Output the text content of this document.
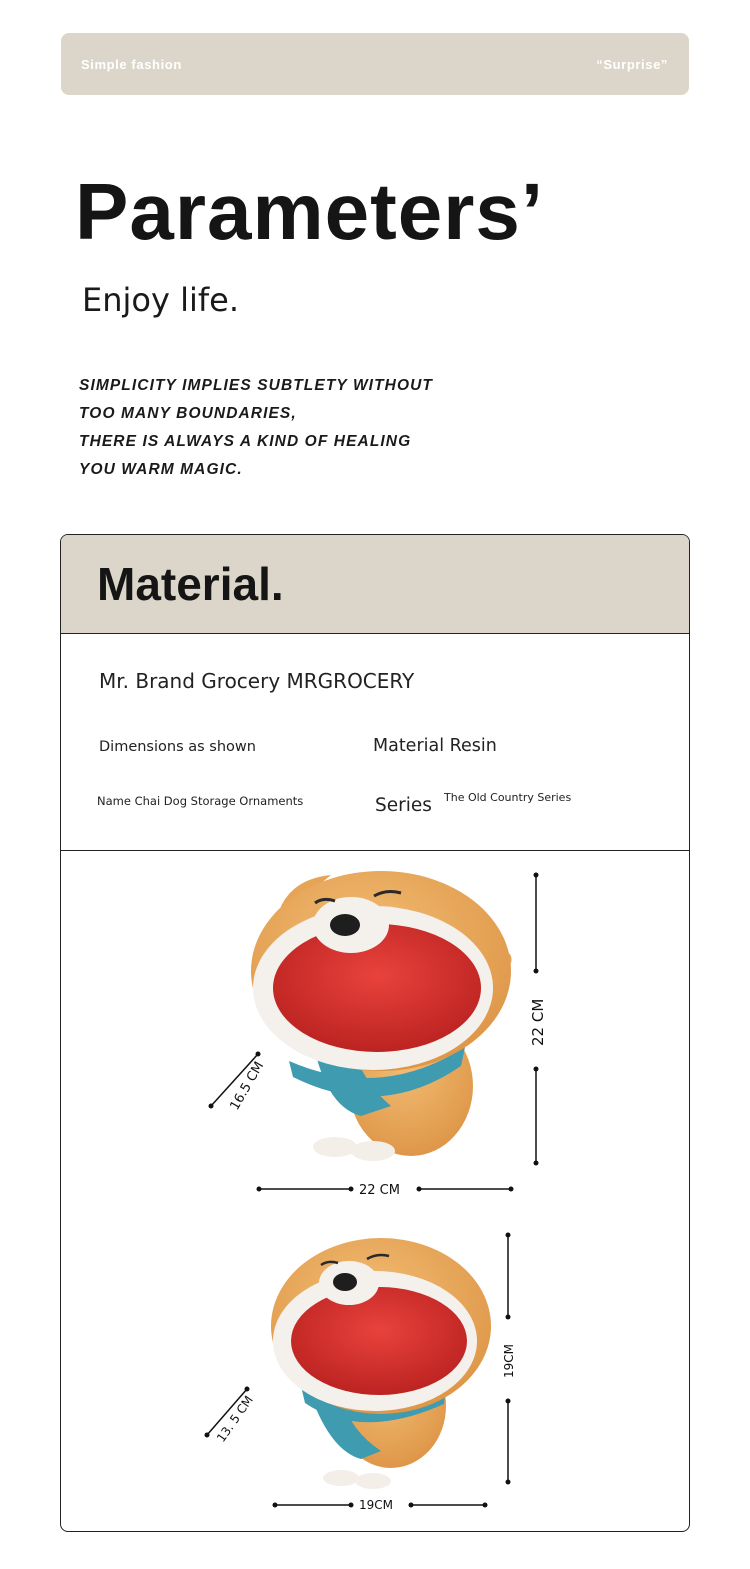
Simple fashion	“Surprise”
Parameters’
Enjoy life.
SIMPLICITY IMPLIES SUBTLETY WITHOUT
TOO MANY BOUNDARIES,
THERE IS ALWAYS A KIND OF HEALING
YOU WARM MAGIC.
Material.
Mr. Brand Grocery MRGROCERY
Dimensions as shown	Material Resin
Name Chai Dog Storage Ornaments	Series The Old Country Series
22 CM
22 CM
16.5 CM
19CM
19CM
13. 5 CM
